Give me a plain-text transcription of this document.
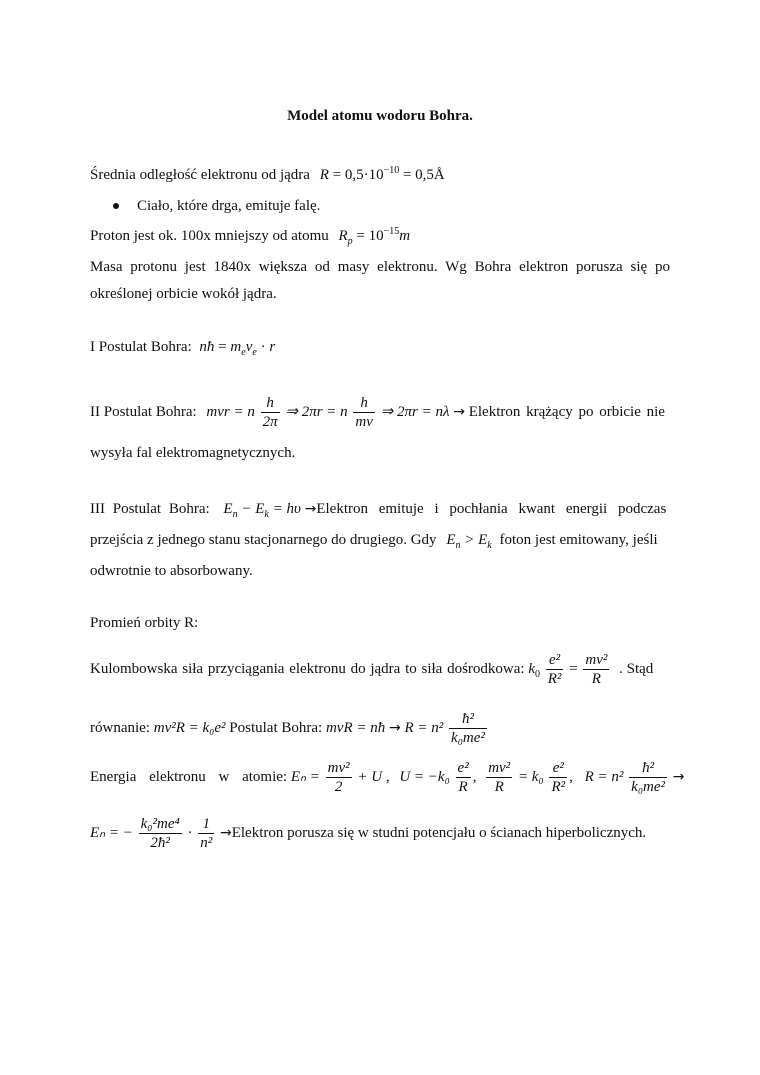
Model atomu wodoru Bohra.
Średnia odległość elektronu od jądra $R = 0,5\cdot 10^{-10}$ = 0,5Å
Ciało, które drga, emituje falę.
Proton jest ok. 100x mniejszy od atomu $R_p = 10^{-15}m$
Masa protonu jest 1840x większa od masy elektronu. Wg Bohra elektron porusza się po
określonej orbicie wokół jądra.
I Postulat Bohra: nħ = $m_ev_e \cdot r$
II Postulat Bohra: mvr = n $\frac{h}{2\pi}$ ⇒ 2πr = n $\frac{h}{mv}$ ⇒ 2πr = nλ → Elektron krążący po orbicie nie
wysyła fal elektromagnetycznych.
III Postulat Bohra: $E_n - E_k = h\upsilon$ →Elektron emituje i pochłania kwant energii podczas
przejścia z jednego stanu stacjonarnego do drugiego. Gdy $E_n > E_k$ foton jest emitowany, jeśli
odwrotnie to absorbowany.
Promień orbity R:
Kulombowska siła przyciągania elektronu do jądra to siła dośrodkowa: $k_0 \frac{\text{e²}}{\text{R²}} = \frac{\text{mv²}}{R}$ . Stąd
równanie: mv²R = k₀e² Postulat Bohra: mvR = nħ → $R = n^2 \frac{\text{ħ²}}{\text{k₀me²}}$
Energia elektronu w atomie: $E_n = \frac{\text{mv²}}{2} + U$ , $U = -k_0 \frac{\text{e²}}{R}$ , $\frac{\text{mv²}}{R} = k_0 \frac{\text{e²}}{\text{R²}}$ , $R = n^2 \frac{\text{ħ²}}{\text{k₀me²}}$ →
Eₙ = − $\frac{\text{k₀²me⁴}}{\text{2ħ²}} \cdot \frac{1}{\text{n²}}$ →Elektron porusza się w studni potencjału o ścianach hiperbolicznych.
